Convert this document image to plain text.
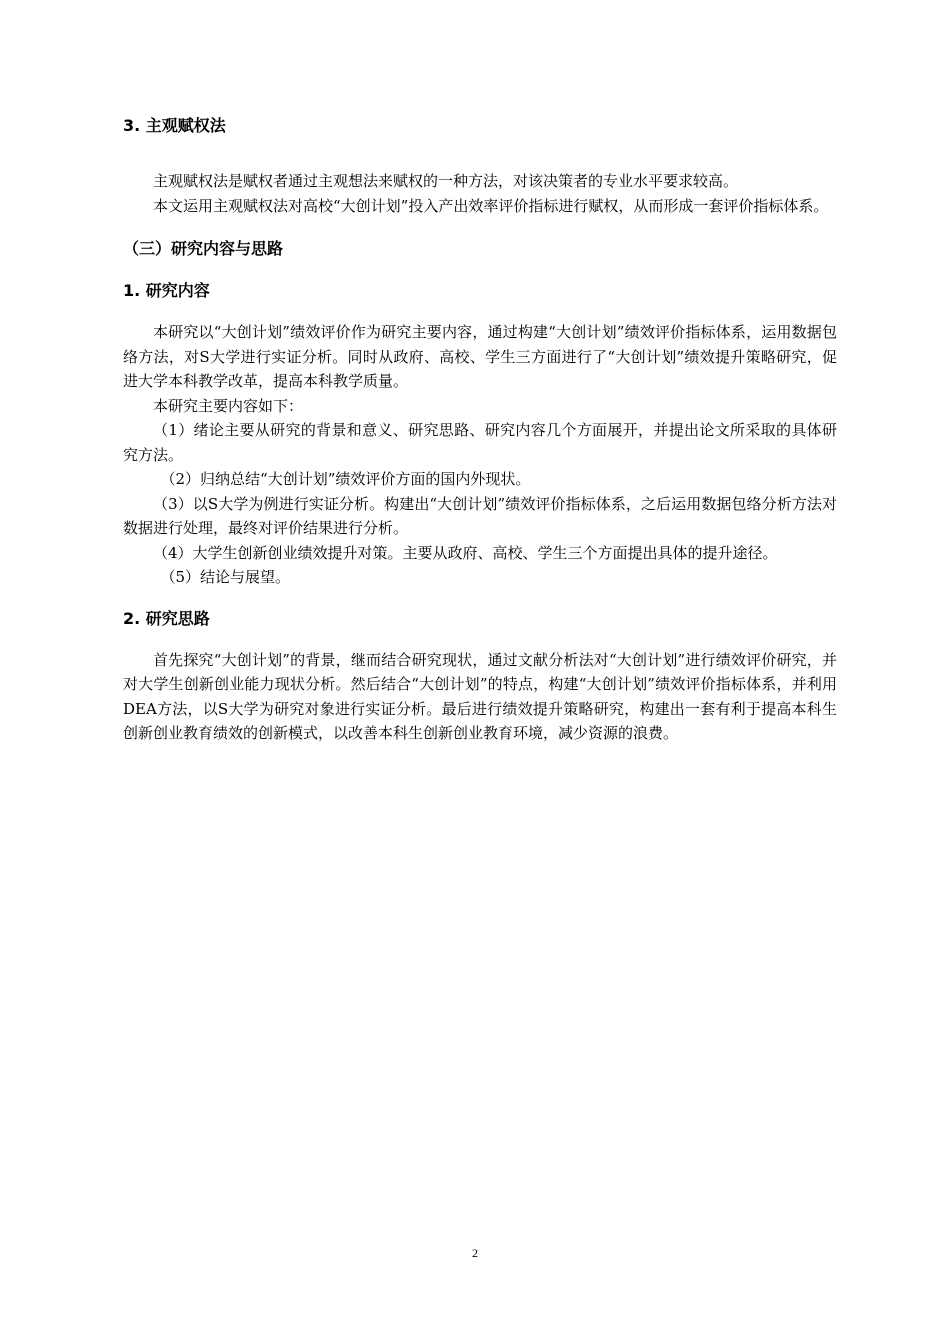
3. 主观赋权法

主观赋权法是赋权者通过主观想法来赋权的一种方法，对该决策者的专业水平要求较高。

本文运用主观赋权法对高校“大创计划”投入产出效率评价指标进行赋权，从而形成一套评价指标体系。

（三）研究内容与思路
1. 研究内容

本研究以“大创计划”绩效评价作为研究主要内容，通过构建“大创计划”绩效评价指标体系，运用数据包络方法，对S大学进行实证分析。同时从政府、高校、学生三方面进行了“大创计划”绩效提升策略研究，促进大学本科教学改革，提高本科教学质量。

本研究主要内容如下：

（1）绪论主要从研究的背景和意义、研究思路、研究内容几个方面展开，并提出论文所采取的具体研究方法。

（2）归纳总结“大创计划”绩效评价方面的国内外现状。

（3）以S大学为例进行实证分析。构建出“大创计划”绩效评价指标体系，之后运用数据包络分析方法对数据进行处理，最终对评价结果进行分析。

（4）大学生创新创业绩效提升对策。主要从政府、高校、学生三个方面提出具体的提升途径。

（5）结论与展望。

2. 研究思路

首先探究“大创计划”的背景，继而结合研究现状，通过文献分析法对“大创计划”进行绩效评价研究，并对大学生创新创业能力现状分析。然后结合“大创计划”的特点，构建“大创计划”绩效评价指标体系，并利用DEA方法，以S大学为研究对象进行实证分析。最后进行绩效提升策略研究，构建出一套有利于提高本科生创新创业教育绩效的创新模式，以改善本科生创新创业教育环境，减少资源的浪费。

2
